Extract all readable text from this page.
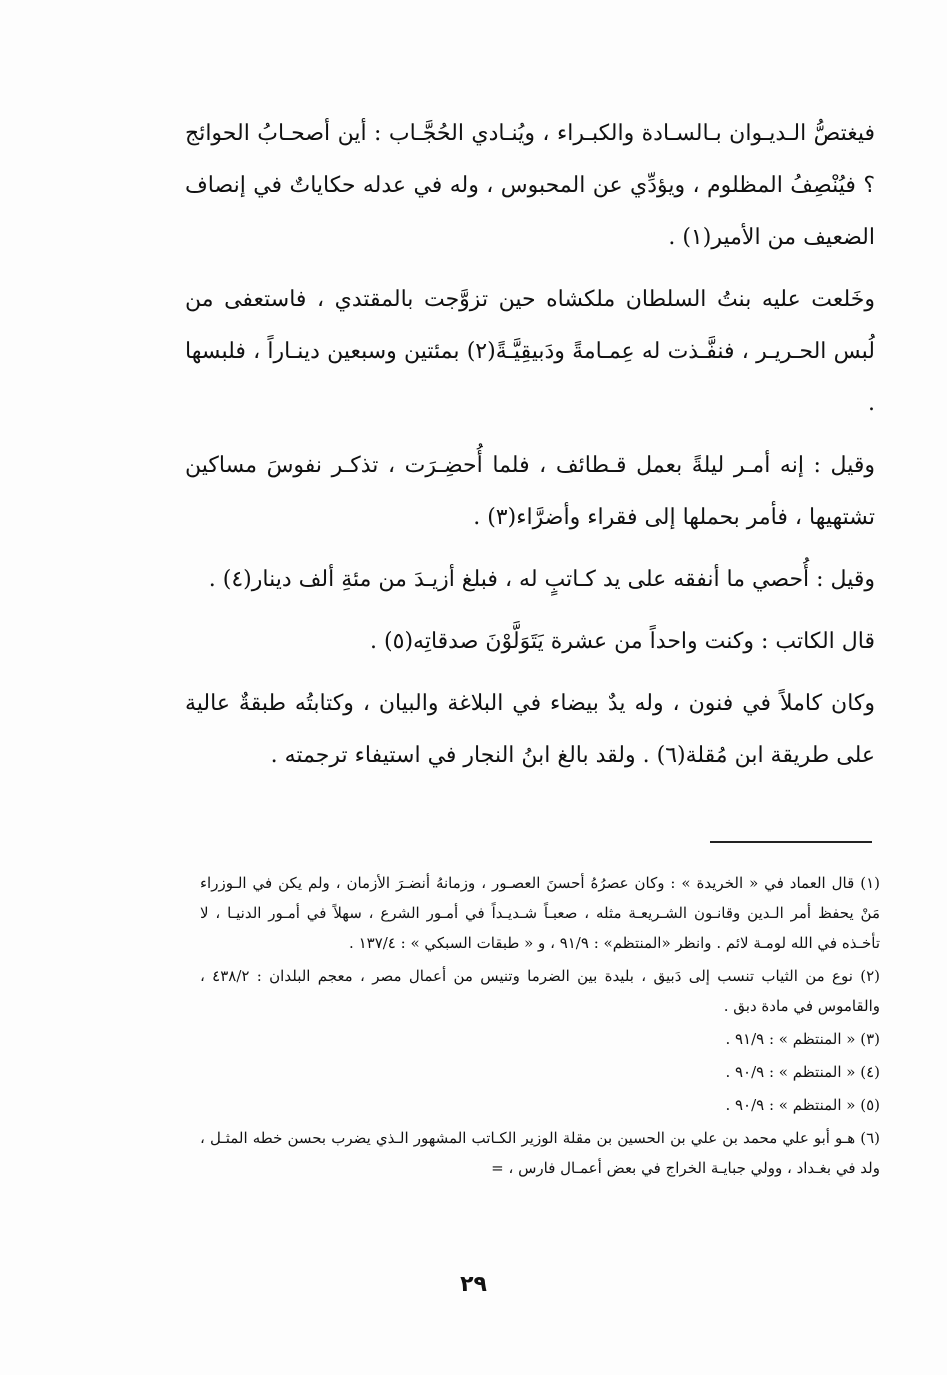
فيغتصُّ الـديـوان بـالسـادة والكبـراء ، ويُنـادي الحُجَّـاب : أين أصحـابُ الحوائج ؟ فيُنْصِفُ المظلوم ، ويؤدِّي عن المحبوس ، وله في عدله حكاياتٌ في إنصاف الضعيف من الأمير(١) .

وخَلعت عليه بنتُ السلطان ملكشاه حين تزوَّجت بالمقتدي ، فاستعفى من لُبس الحـريـر ، فنفَّـذت له عِمـامةً ودَبيقِيَّـةً(٢) بمئتين وسبعين دينـاراً ، فلبسها .

وقيل : إنه أمـر ليلةً بعمل قـطائف ، فلما أُحضِـرَت ، تذكـر نفوسَ مساكين تشتهيها ، فأمر بحملها إلى فقراء وأضرَّاء(٣) .

وقيل : أُحصي ما أنفقه على يد كـاتبٍ له ، فبلغ أزيـدَ من مئةِ ألف دينار(٤) .

قال الكاتب : وكنت واحداً من عشرة يَتَوَلَّوْنَ صدقاتِه(٥) .

وكان كاملاً في فنون ، وله يدٌ بيضاء في البلاغة والبيان ، وكتابتُه طبقةٌ عالية على طريقة ابن مُقلة(٦) . ولقد بالغ ابنُ النجار في استيفاء ترجمته .

(١) قال العماد في « الخريدة » : وكان عصرُهُ أحسنَ العصـور ، وزمانهُ أنضـرَ الأزمان ، ولم يكن في الـوزراء مَنْ يحفظ أمر الـدين وقانـون الشـريعـة مثله ، صعبـاً شـديـداً في أمـور الشرع ، سهلاً في أمـور الدنيـا ، لا تأخـذه في الله لومـة لائم . وانظر «المنتظم» : ٩١/٩ ، و « طبقات السبكي » : ١٣٧/٤ .

(٢) نوع من الثياب تنسب إلى دَبيق ، بليدة بين الضرما وتنيس من أعمال مصر ، معجم البلدان : ٤٣٨/٢ ، والقاموس في مادة دبق .

(٣) « المنتظم » : ٩١/٩ .

(٤) « المنتظم » : ٩٠/٩ .

(٥) « المنتظم » : ٩٠/٩ .

(٦) هـو أبو علي محمد بن علي بن الحسين بن مقلة الوزير الكـاتب المشهور الـذي يضرب بحسن خطه المثـل ، ولد في بغـداد ، وولي جبايـة الخراج في بعض أعمـال فارس ، =

٢٩
